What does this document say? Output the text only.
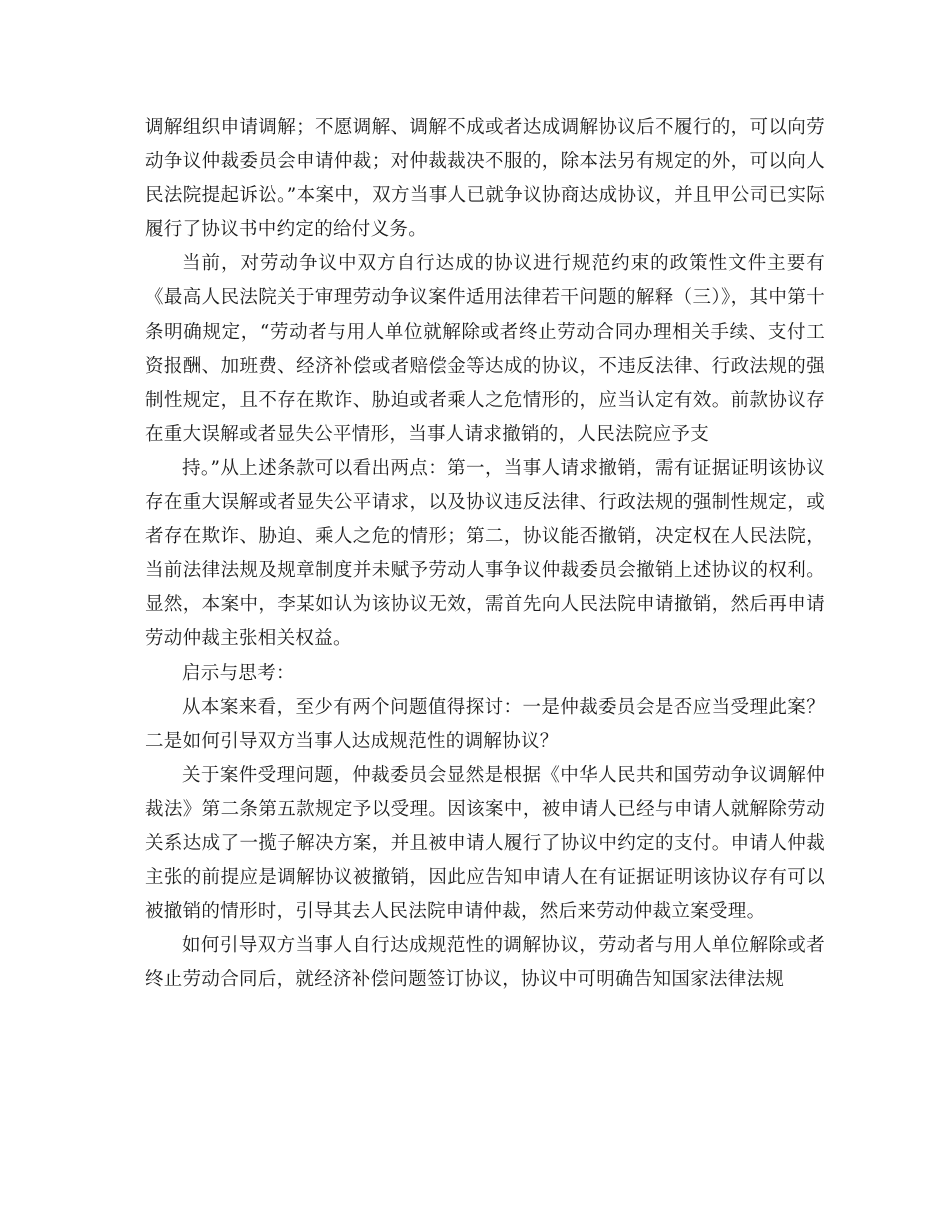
调解组织申请调解；不愿调解、调解不成或者达成调解协议后不履行的，可以向劳动争议仲裁委员会申请仲裁；对仲裁裁决不服的，除本法另有规定的外，可以向人民法院提起诉讼。”本案中，双方当事人已就争议协商达成协议，并且甲公司已实际履行了协议书中约定的给付义务。

当前，对劳动争议中双方自行达成的协议进行规范约束的政策性文件主要有《最高人民法院关于审理劳动争议案件适用法律若干问题的解释（三）》，其中第十条明确规定，“劳动者与用人单位就解除或者终止劳动合同办理相关手续、支付工资报酬、加班费、经济补偿或者赔偿金等达成的协议，不违反法律、行政法规的强制性规定，且不存在欺诈、胁迫或者乘人之危情形的，应当认定有效。前款协议存在重大误解或者显失公平情形，当事人请求撤销的，人民法院应予支

持。”从上述条款可以看出两点：第一，当事人请求撤销，需有证据证明该协议存在重大误解或者显失公平请求，以及协议违反法律、行政法规的强制性规定，或者存在欺诈、胁迫、乘人之危的情形；第二，协议能否撤销，决定权在人民法院，当前法律法规及规章制度并未赋予劳动人事争议仲裁委员会撤销上述协议的权利。显然，本案中，李某如认为该协议无效，需首先向人民法院申请撤销，然后再申请劳动仲裁主张相关权益。

启示与思考：

从本案来看，至少有两个问题值得探讨：一是仲裁委员会是否应当受理此案？二是如何引导双方当事人达成规范性的调解协议？

关于案件受理问题，仲裁委员会显然是根据《中华人民共和国劳动争议调解仲裁法》第二条第五款规定予以受理。因该案中，被申请人已经与申请人就解除劳动关系达成了一揽子解决方案，并且被申请人履行了协议中约定的支付。申请人仲裁主张的前提应是调解协议被撤销，因此应告知申请人在有证据证明该协议存有可以被撤销的情形时，引导其去人民法院申请仲裁，然后来劳动仲裁立案受理。

如何引导双方当事人自行达成规范性的调解协议，劳动者与用人单位解除或者终止劳动合同后，就经济补偿问题签订协议，协议中可明确告知国家法律法规
